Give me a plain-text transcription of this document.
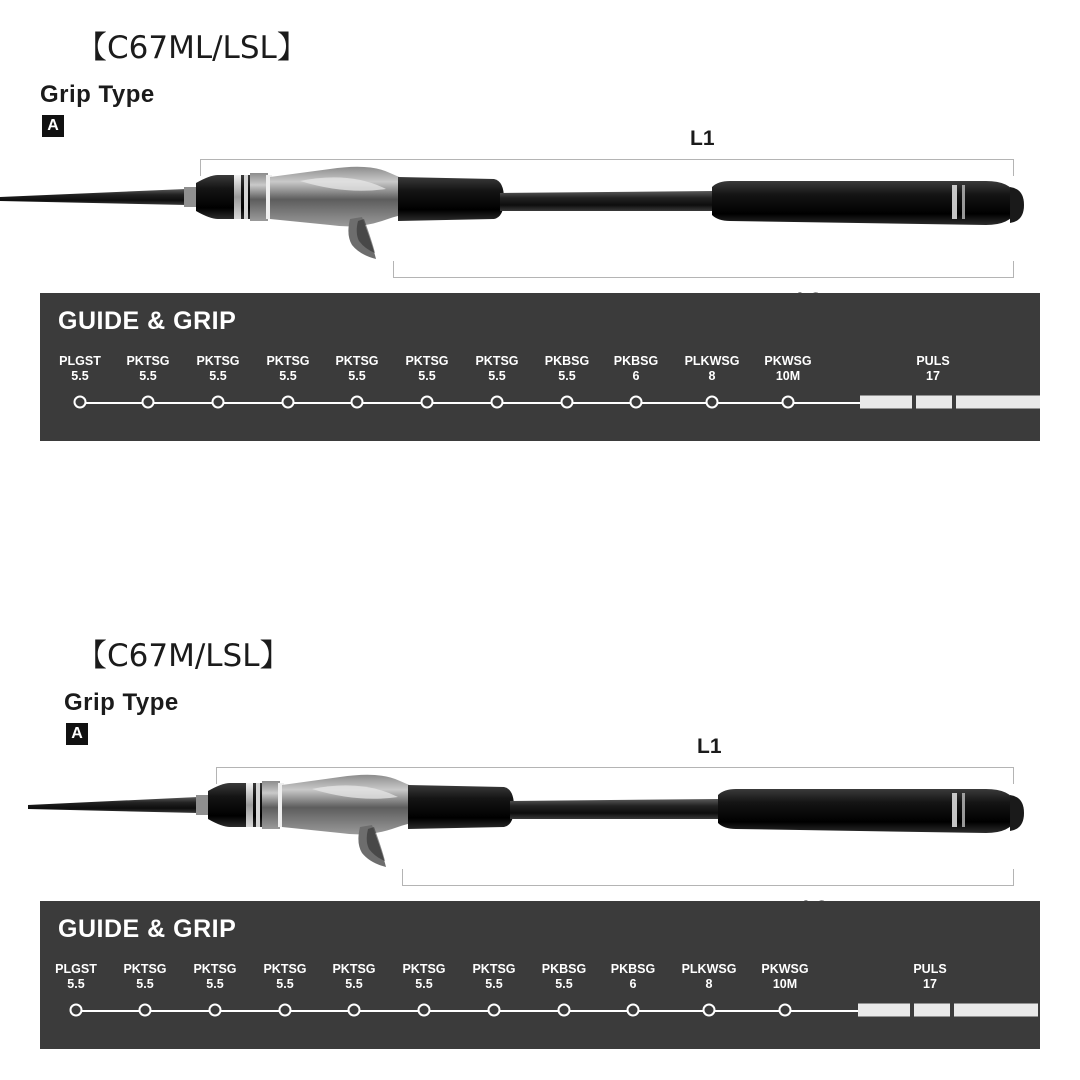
【C67ML/LSL】
Grip Type
A
L1
GUIDE & GRIP
PLGST
5.5
PKTSG
5.5
PKTSG
5.5
PKTSG
5.5
PKTSG
5.5
PKTSG
5.5
PKTSG
5.5
PKBSG
5.5
PKBSG
6
PLKWSG
8
PKWSG
10M
PULS
17
【C67M/LSL】
Grip Type
A
L1
GUIDE & GRIP
PLGST
5.5
PKTSG
5.5
PKTSG
5.5
PKTSG
5.5
PKTSG
5.5
PKTSG
5.5
PKTSG
5.5
PKBSG
5.5
PKBSG
6
PLKWSG
8
PKWSG
10M
PULS
17
